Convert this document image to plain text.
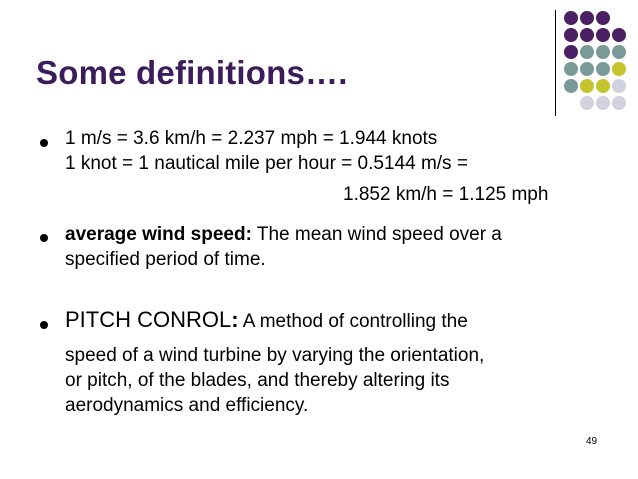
Some definitions….
1 m/s = 3.6 km/h = 2.237 mph = 1.944 knots
1 knot = 1 nautical mile per hour = 0.5144 m/s =
1.852 km/h = 1.125 mph
average wind speed: The mean wind speed over a
specified period of time.
PITCH CONROL: A method of controlling the
speed of a wind turbine by varying the orientation,
or pitch, of the blades, and thereby altering its
aerodynamics and efficiency.
49
